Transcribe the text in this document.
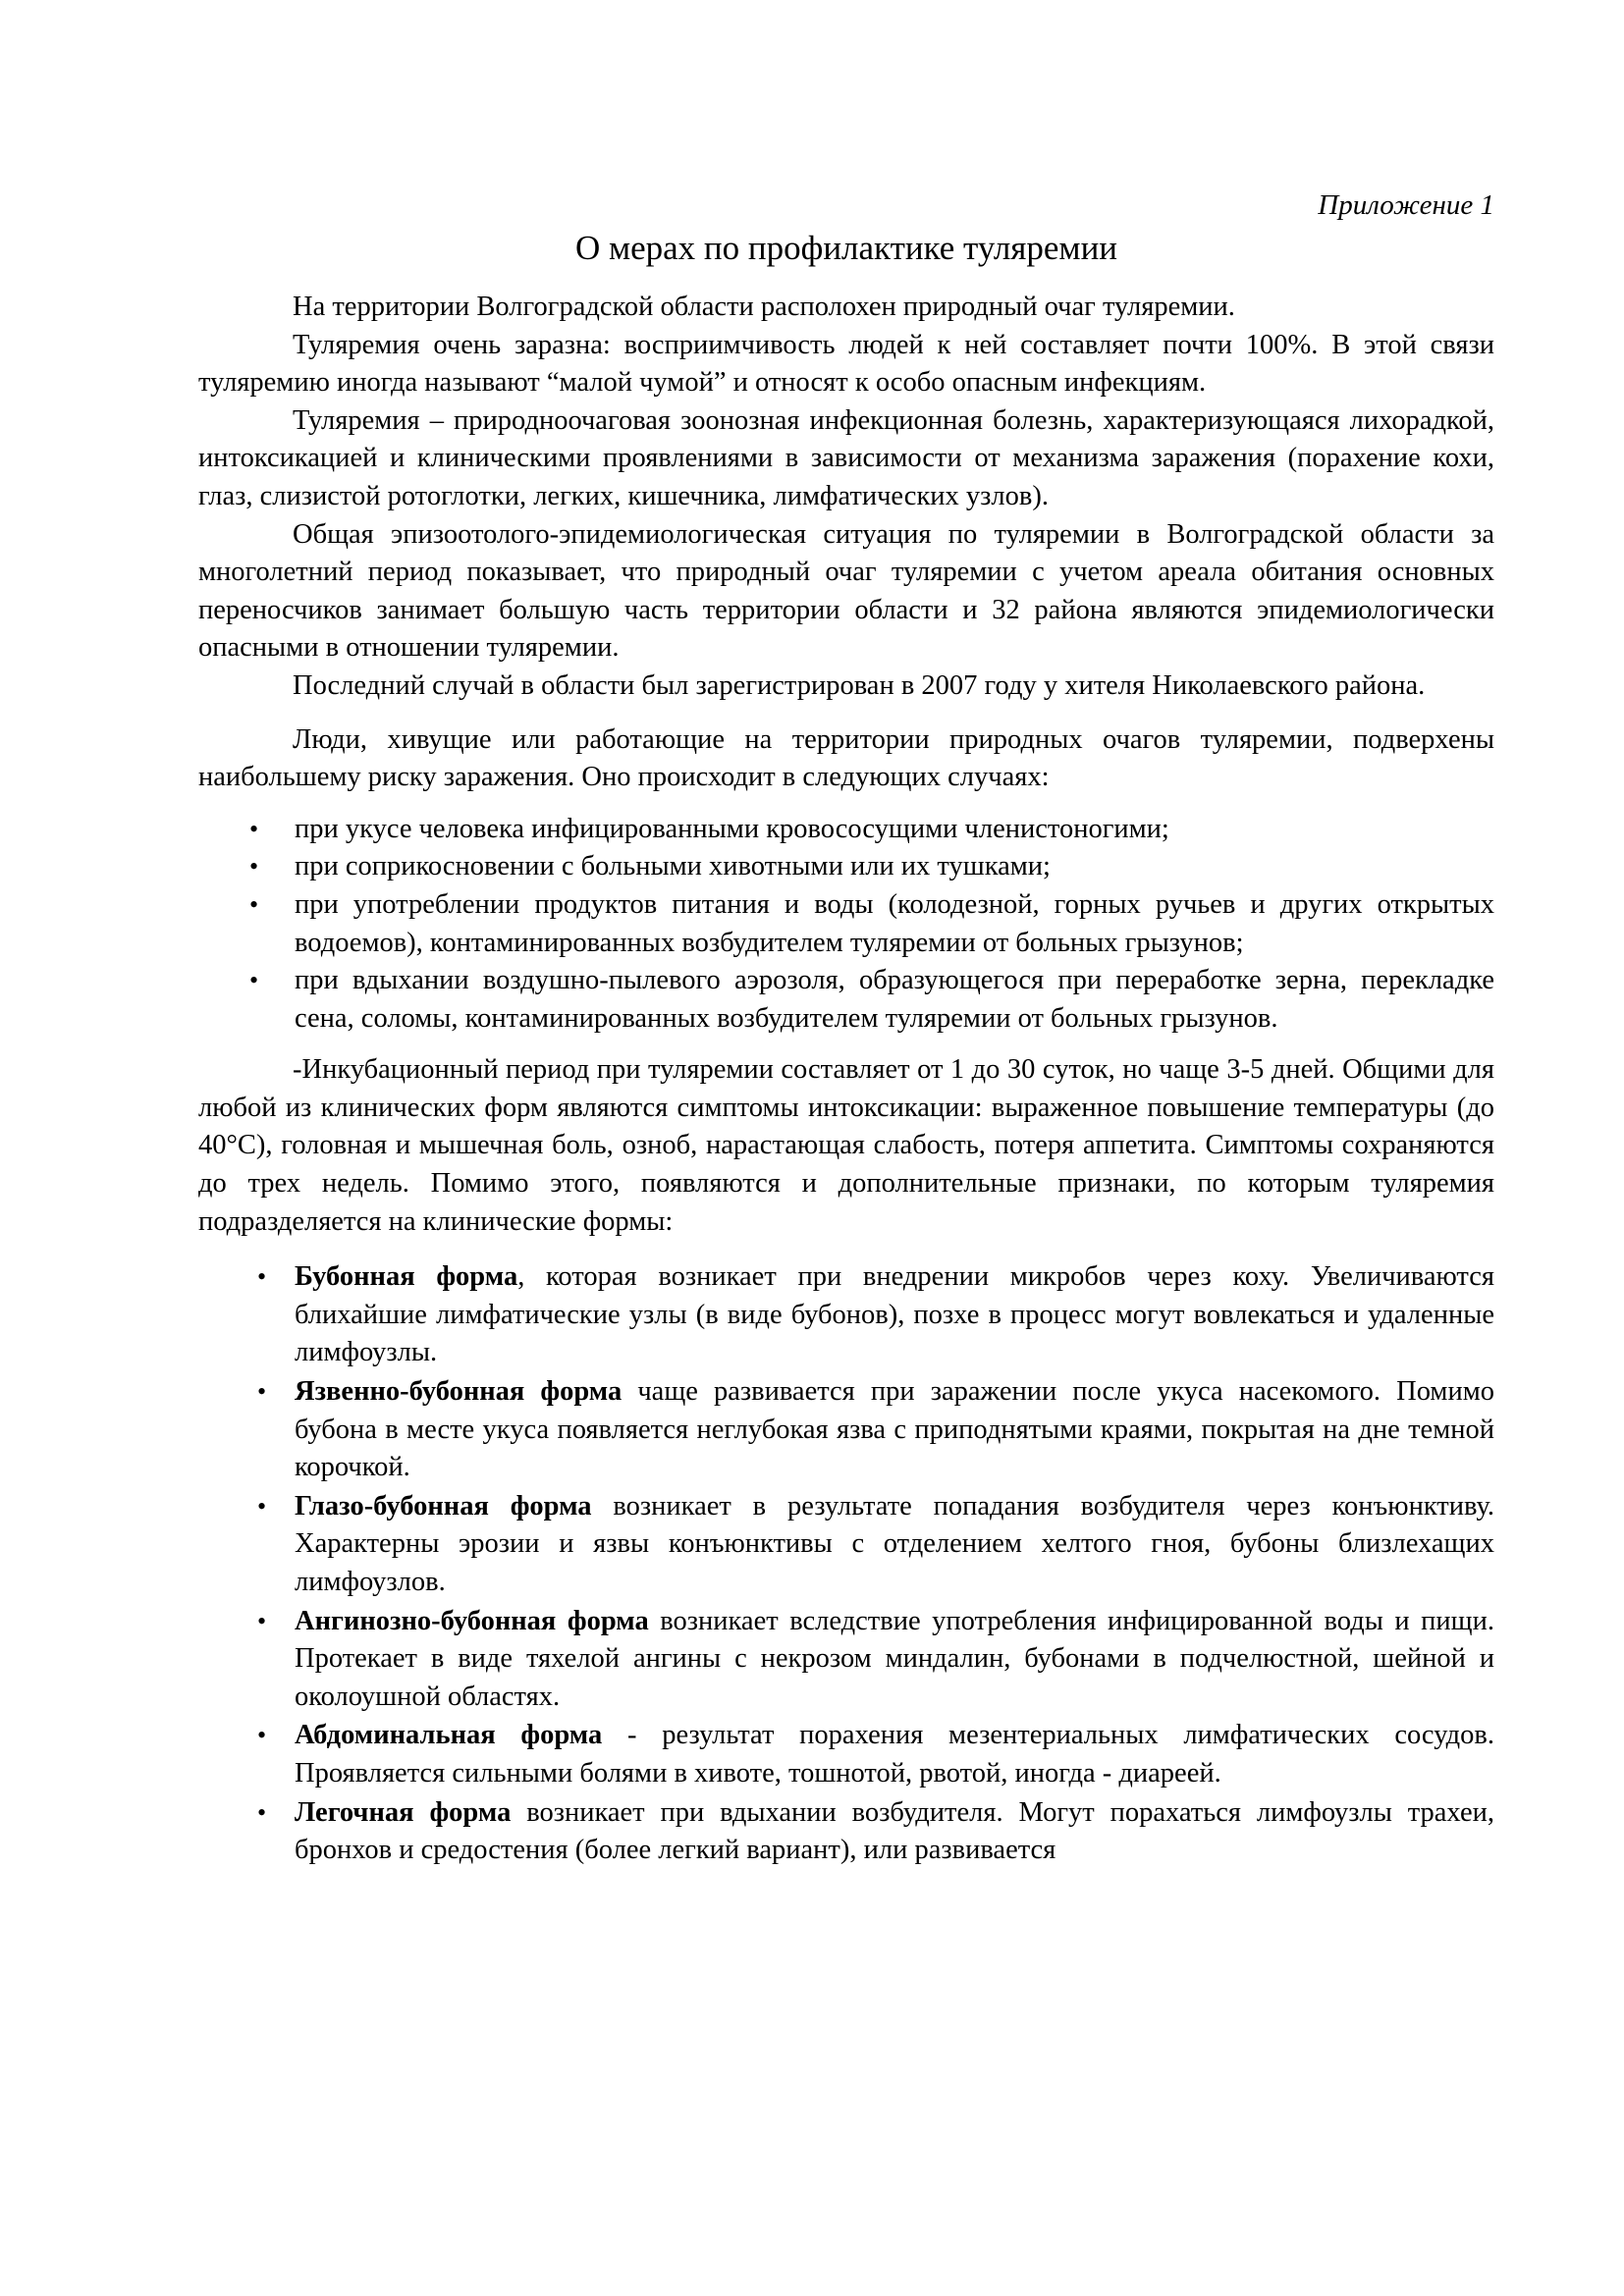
Приложение 1
О мерах по профилактике туляремии

На территории Волгоградской области располохен природный очаг туляремии.

Туляремия очень заразна: восприимчивость людей к ней составляет почти 100%. В этой связи туляремию иногда называют “малой чумой” и относят к особо опасным инфекциям.

Туляремия – природноочаговая зоонозная инфекционная болезнь, характеризующаяся лихорадкой, интоксикацией и клиническими проявлениями в зависимости от механизма заражения (порахение кохи, глаз, слизистой ротоглотки, легких, кишечника, лимфатических узлов).

Общая эпизоотолого-эпидемиологическая ситуация по туляремии в Волгоградской области за многолетний период показывает, что природный очаг туляремии с учетом ареала обитания основных переносчиков занимает большую часть территории области и 32 района являются эпидемиологически опасными в отношении туляремии.

Последний случай в области был зарегистрирован в 2007 году у хителя Николаевского района.

Люди, хивущие или работающие на территории природных очагов туляремии, подверхены наибольшему риску заражения. Оно происходит в следующих случаях:

• при укусе человека инфицированными кровососущими членистоногими;
• при соприкосновении с больными хивотными или их тушками;
• при употреблении продуктов питания и воды (колодезной, горных ручьев и других открытых водоемов), контаминированных возбудителем туляремии от больных грызунов;
• при вдыхании воздушно-пылевого аэрозоля, образующегося при переработке зерна, перекладке сена, соломы, контаминированных возбудителем туляремии от больных грызунов.

-Инкубационный период при туляремии составляет от 1 до 30 суток, но чаще 3-5 дней. Общими для любой из клинических форм являются симптомы интоксикации: выраженное повышение температуры (до 40°С), головная и мышечная боль, озноб, нарастающая слабость, потеря аппетита. Симптомы сохраняются до трех недель. Помимо этого, появляются и дополнительные признаки, по которым туляремия подразделяется на клинические формы:

• Бубонная форма, которая возникает при внедрении микробов через коху. Увеличиваются блихайшие лимфатические узлы (в виде бубонов), позхе в процесс могут вовлекаться и удаленные лимфоузлы.
• Язвенно-бубонная форма чаще развивается при заражении после укуса насекомого. Помимо бубона в месте укуса появляется неглубокая язва с приподнятыми краями, покрытая на дне темной корочкой.
• Глазо-бубонная форма возникает в результате попадания возбудителя через конъюнктиву. Характерны эрозии и язвы конъюнктивы с отделением хелтого гноя, бубоны близлехащих лимфоузлов.
• Ангинозно-бубонная форма возникает вследствие употребления инфицированной воды и пищи. Протекает в виде тяхелой ангины с некрозом миндалин, бубонами в подчелюстной, шейной и околоушной областях.
• Абдоминальная форма - результат порахения мезентериальных лимфатических сосудов. Проявляется сильными болями в хивоте, тошнотой, рвотой, иногда - диареей.
• Легочная форма возникает при вдыхании возбудителя. Могут порахаться лимфоузлы трахеи, бронхов и средостения (более легкий вариант), или развивается
